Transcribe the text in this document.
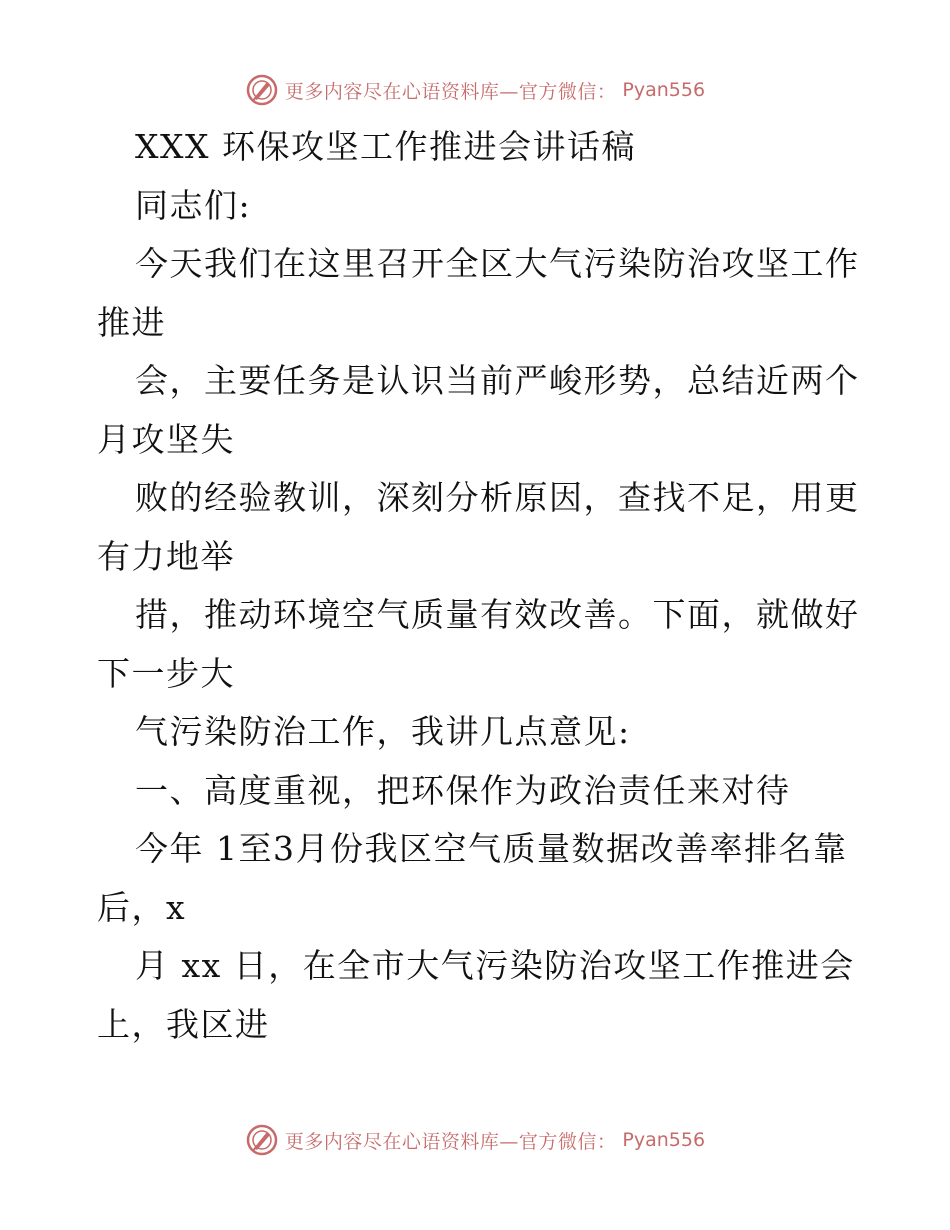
更多内容尽在心语资料库—官方微信： Pyan556
XXX 环保攻坚工作推进会讲话稿
同志们:
今天我们在这里召开全区大气污染防治攻坚工作
推进
会，主要任务是认识当前严峻形势，总结近两个
月攻坚失
败的经验教训，深刻分析原因，查找不足，用更
有力地举
措，推动环境空气质量有效改善。下面，就做好
下一步大
气污染防治工作，我讲几点意见:
一、高度重视，把环保作为政治责任来对待
今年 1至3月份我区空气质量数据改善率排名靠
后，x
月 xx 日，在全市大气污染防治攻坚工作推进会
上，我区进
更多内容尽在心语资料库—官方微信： Pyan556
